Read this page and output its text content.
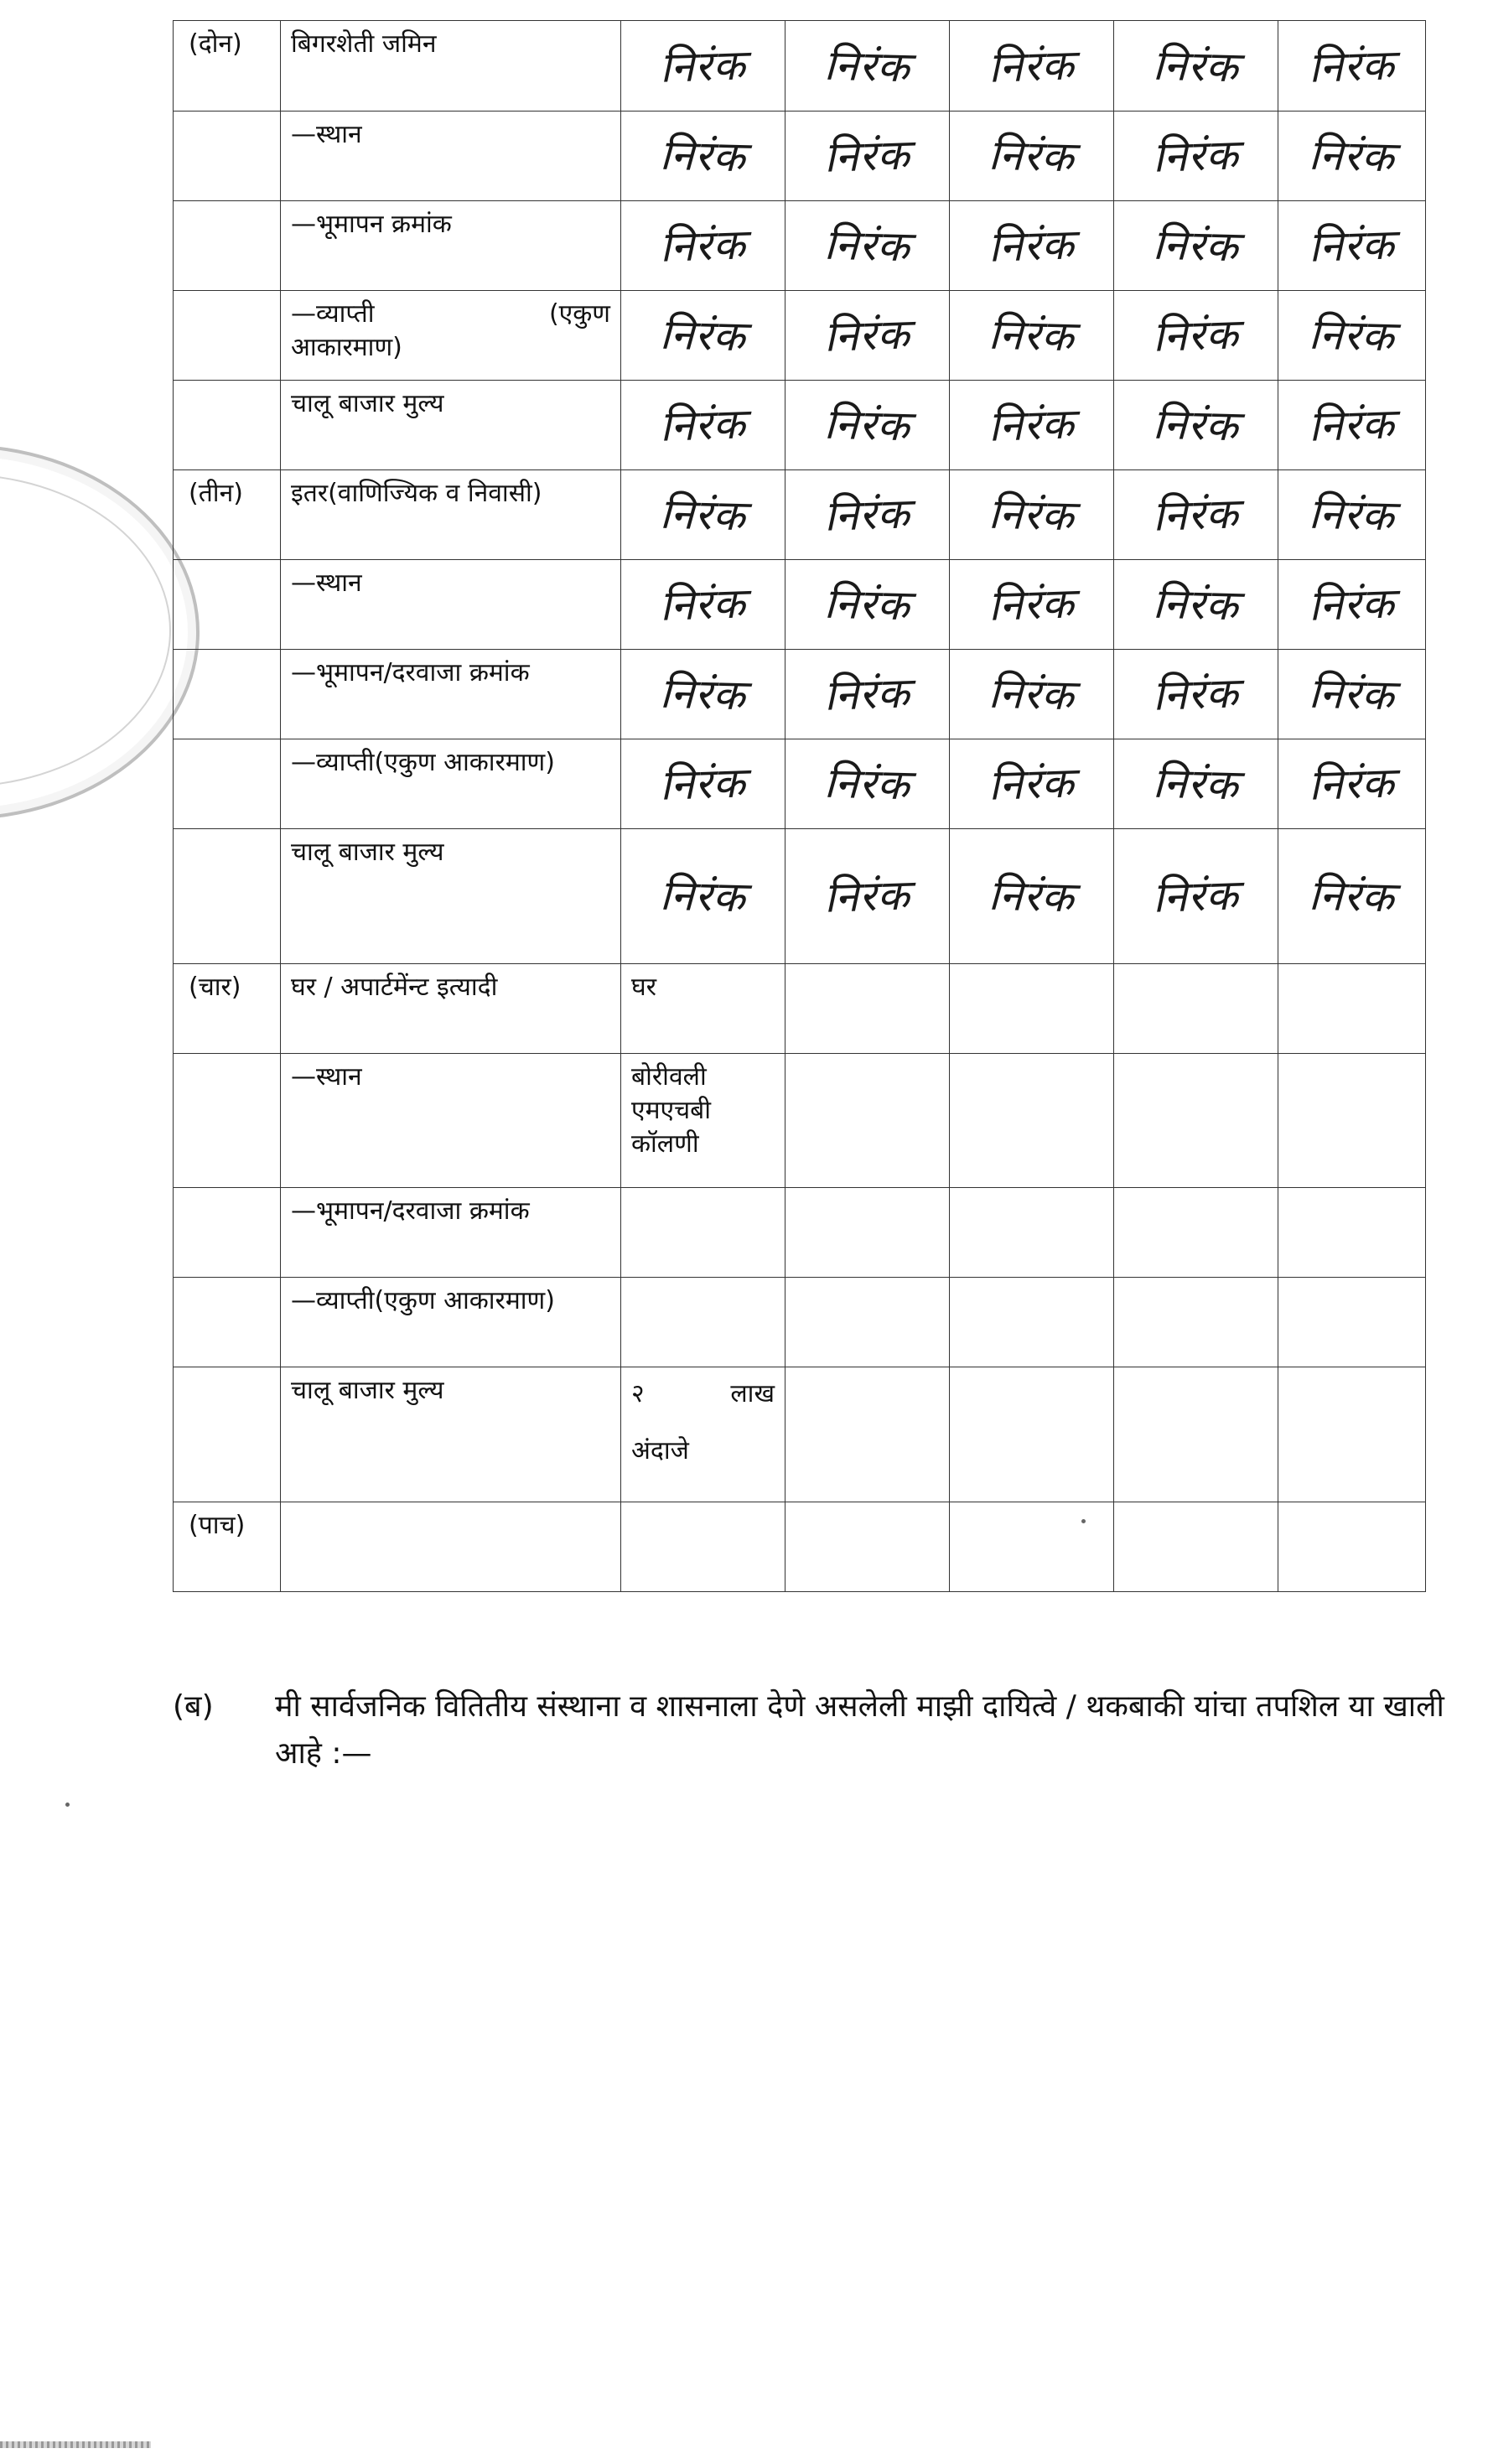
(दोन)	बिगरशेती जमिन	निरंक	निरंक	निरंक	निरंक	निरंक
	—स्थान	निरंक	निरंक	निरंक	निरंक	निरंक
	—भूमापन क्रमांक	निरंक	निरंक	निरंक	निरंक	निरंक

	—व्याप्ती (एकुण
आकारमाण)	निरंक	निरंक	निरंक	निरंक	निरंक
	चालू बाजार मुल्य	निरंक	निरंक	निरंक	निरंक	निरंक
(तीन)	इतर(वाणिज्यिक व निवासी)	निरंक	निरंक	निरंक	निरंक	निरंक
	—स्थान	निरंक	निरंक	निरंक	निरंक	निरंक
	—भूमापन/दरवाजा क्रमांक	निरंक	निरंक	निरंक	निरंक	निरंक
	—व्याप्ती(एकुण आकारमाण)	निरंक	निरंक	निरंक	निरंक	निरंक
	चालू बाजार मुल्य	निरंक	निरंक	निरंक	निरंक	निरंक
(चार)	घर / अपार्टमेंन्ट इत्यादी	घर				
	—स्थान	बोरीवली
एमएचबी
कॉलणी				

	—भूमापन/दरवाजा क्रमांक					
	—व्याप्ती(एकुण आकारमाण)					
	चालू बाजार मुल्य	२ लाख
अंदाजे				

(पाच)						
(ब) मी सार्वजनिक वितितीय संस्थाना व शासनाला देणे असलेली माझी दायित्वे / थकबाकी यांचा तपशिल या खाली आहे :—
